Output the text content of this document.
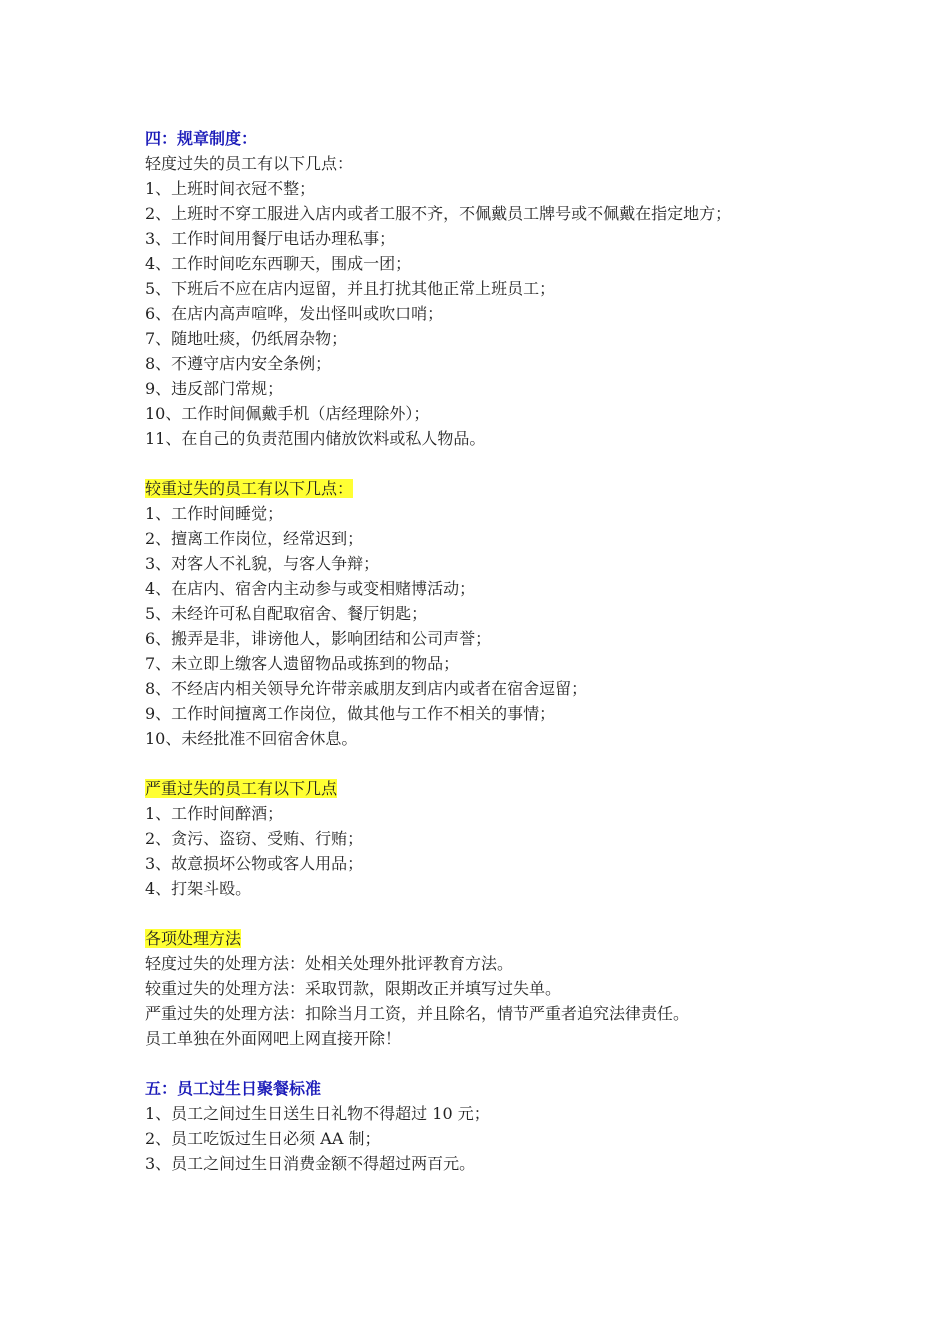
四：规章制度：
轻度过失的员工有以下几点：
1、上班时间衣冠不整；
2、上班时不穿工服进入店内或者工服不齐，不佩戴员工牌号或不佩戴在指定地方；
3、工作时间用餐厅电话办理私事；
4、工作时间吃东西聊天，围成一团；
5、下班后不应在店内逗留，并且打扰其他正常上班员工；
6、在店内高声喧哗，发出怪叫或吹口哨；
7、随地吐痰，仍纸屑杂物；
8、不遵守店内安全条例；
9、违反部门常规；
10、工作时间佩戴手机（店经理除外）；
11、在自己的负责范围内储放饮料或私人物品。
较重过失的员工有以下几点：
1、工作时间睡觉；
2、擅离工作岗位，经常迟到；
3、对客人不礼貌，与客人争辩；
4、在店内、宿舍内主动参与或变相赌博活动；
5、未经许可私自配取宿舍、餐厅钥匙；
6、搬弄是非，诽谤他人，影响团结和公司声誉；
7、未立即上缴客人遗留物品或拣到的物品；
8、不经店内相关领导允许带亲戚朋友到店内或者在宿舍逗留；
9、工作时间擅离工作岗位，做其他与工作不相关的事情；
10、未经批准不回宿舍休息。
严重过失的员工有以下几点
1、工作时间醉酒；
2、贪污、盗窃、受贿、行贿；
3、故意损坏公物或客人用品；
4、打架斗殴。
各项处理方法
轻度过失的处理方法：处相关处理外批评教育方法。
较重过失的处理方法：采取罚款，限期改正并填写过失单。
严重过失的处理方法：扣除当月工资，并且除名，情节严重者追究法律责任。
员工单独在外面网吧上网直接开除！
五：员工过生日聚餐标准
1、员工之间过生日送生日礼物不得超过 10 元；
2、员工吃饭过生日必须 AA 制；
3、员工之间过生日消费金额不得超过两百元。
